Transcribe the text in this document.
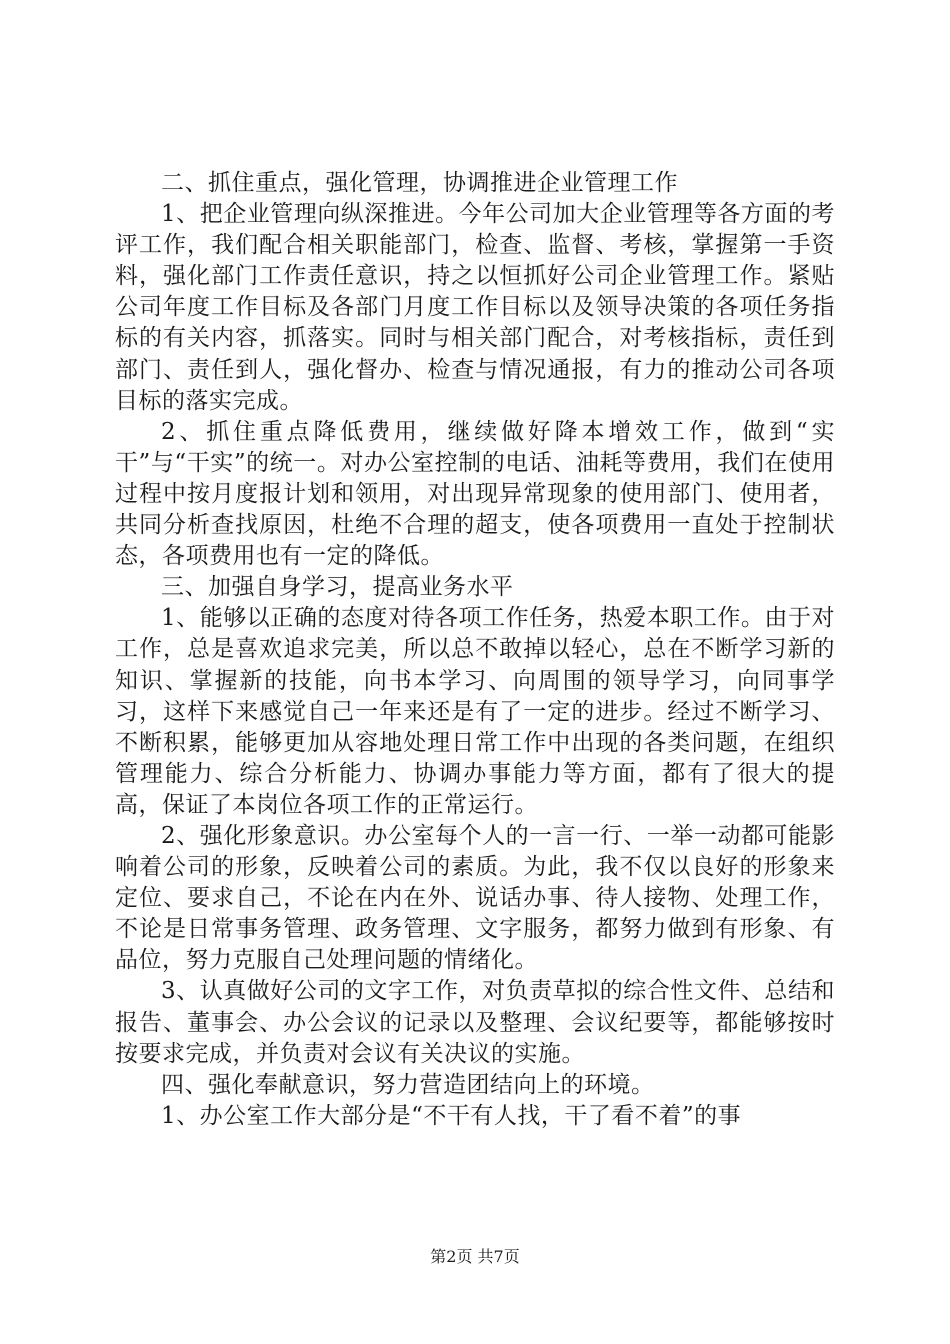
二、抓住重点，强化管理，协调推进企业管理工作

1、把企业管理向纵深推进。今年公司加大企业管理等各方面的考评工作，我们配合相关职能部门，检查、监督、考核，掌握第一手资料，强化部门工作责任意识，持之以恒抓好公司企业管理工作。紧贴公司年度工作目标及各部门月度工作目标以及领导决策的各项任务指标的有关内容，抓落实。同时与相关部门配合，对考核指标，责任到部门、责任到人，强化督办、检查与情况通报，有力的推动公司各项目标的落实完成。

2、抓住重点降低费用，继续做好降本增效工作，做到“实干”与“干实”的统一。对办公室控制的电话、油耗等费用，我们在使用过程中按月度报计划和领用，对出现异常现象的使用部门、使用者，共同分析查找原因，杜绝不合理的超支，使各项费用一直处于控制状态，各项费用也有一定的降低。

三、加强自身学习，提高业务水平

1、能够以正确的态度对待各项工作任务，热爱本职工作。由于对工作，总是喜欢追求完美，所以总不敢掉以轻心，总在不断学习新的知识、掌握新的技能，向书本学习、向周围的领导学习，向同事学习，这样下来感觉自己一年来还是有了一定的进步。经过不断学习、不断积累，能够更加从容地处理日常工作中出现的各类问题，在组织管理能力、综合分析能力、协调办事能力等方面，都有了很大的提高，保证了本岗位各项工作的正常运行。

2、强化形象意识。办公室每个人的一言一行、一举一动都可能影响着公司的形象，反映着公司的素质。为此，我不仅以良好的形象来定位、要求自己，不论在内在外、说话办事、待人接物、处理工作，不论是日常事务管理、政务管理、文字服务，都努力做到有形象、有品位，努力克服自己处理问题的情绪化。

3、认真做好公司的文字工作，对负责草拟的综合性文件、总结和报告、董事会、办公会议的记录以及整理、会议纪要等，都能够按时按要求完成，并负责对会议有关决议的实施。

四、强化奉献意识，努力营造团结向上的环境。

1、办公室工作大部分是“不干有人找，干了看不着”的事

第2页 共7页
